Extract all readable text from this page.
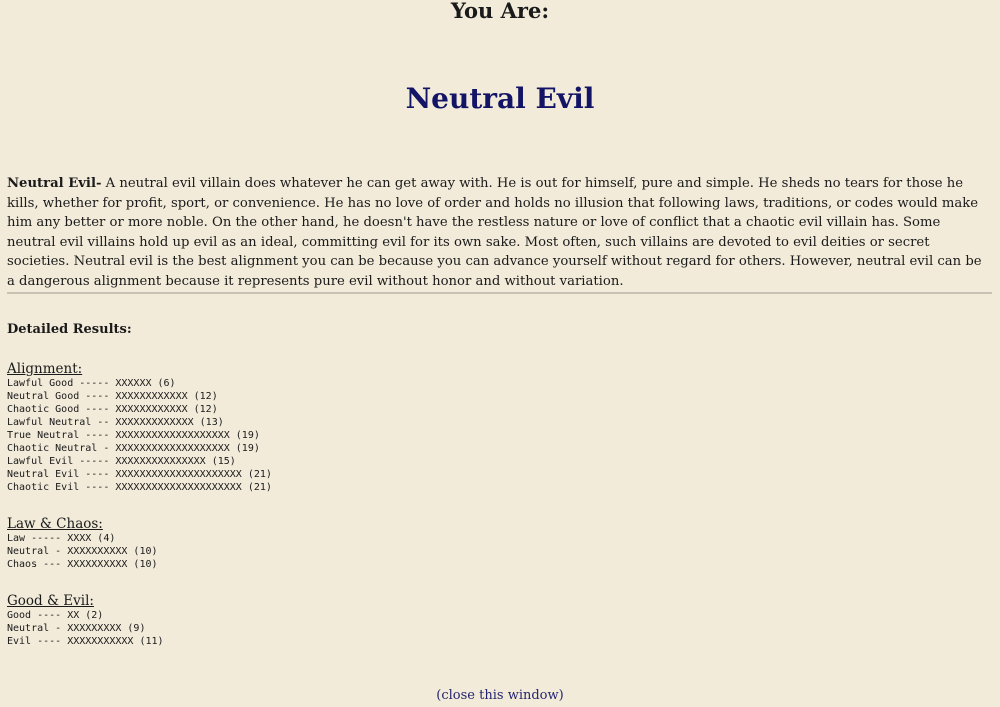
You Are:
Neutral Evil

Neutral Evil- A neutral evil villain does whatever he can get away with. He is out for himself, pure and simple. He sheds no tears for those he kills, whether for profit, sport, or convenience. He has no love of order and holds no illusion that following laws, traditions, or codes would make him any better or more noble. On the other hand, he doesn't have the restless nature or love of conflict that a chaotic evil villain has. Some neutral evil villains hold up evil as an ideal, committing evil for its own sake. Most often, such villains are devoted to evil deities or secret societies. Neutral evil is the best alignment you can be because you can advance yourself without regard for others. However, neutral evil can be a dangerous alignment because it represents pure evil without honor and without variation.

Detailed Results:
Alignment:
Lawful Good ----- XXXXXX (6)
Neutral Good ---- XXXXXXXXXXXX (12)
Chaotic Good ---- XXXXXXXXXXXX (12)
Lawful Neutral -- XXXXXXXXXXXXX (13)
True Neutral ---- XXXXXXXXXXXXXXXXXXX (19)
Chaotic Neutral - XXXXXXXXXXXXXXXXXXX (19)
Lawful Evil ----- XXXXXXXXXXXXXXX (15)
Neutral Evil ---- XXXXXXXXXXXXXXXXXXXXX (21)
Chaotic Evil ---- XXXXXXXXXXXXXXXXXXXXX (21)
Law & Chaos:
Law ----- XXXX (4)
Neutral - XXXXXXXXXX (10)
Chaos --- XXXXXXXXXX (10)
Good & Evil:
Good ---- XX (2)
Neutral - XXXXXXXXX (9)
Evil ---- XXXXXXXXXXX (11)
(close this window)
